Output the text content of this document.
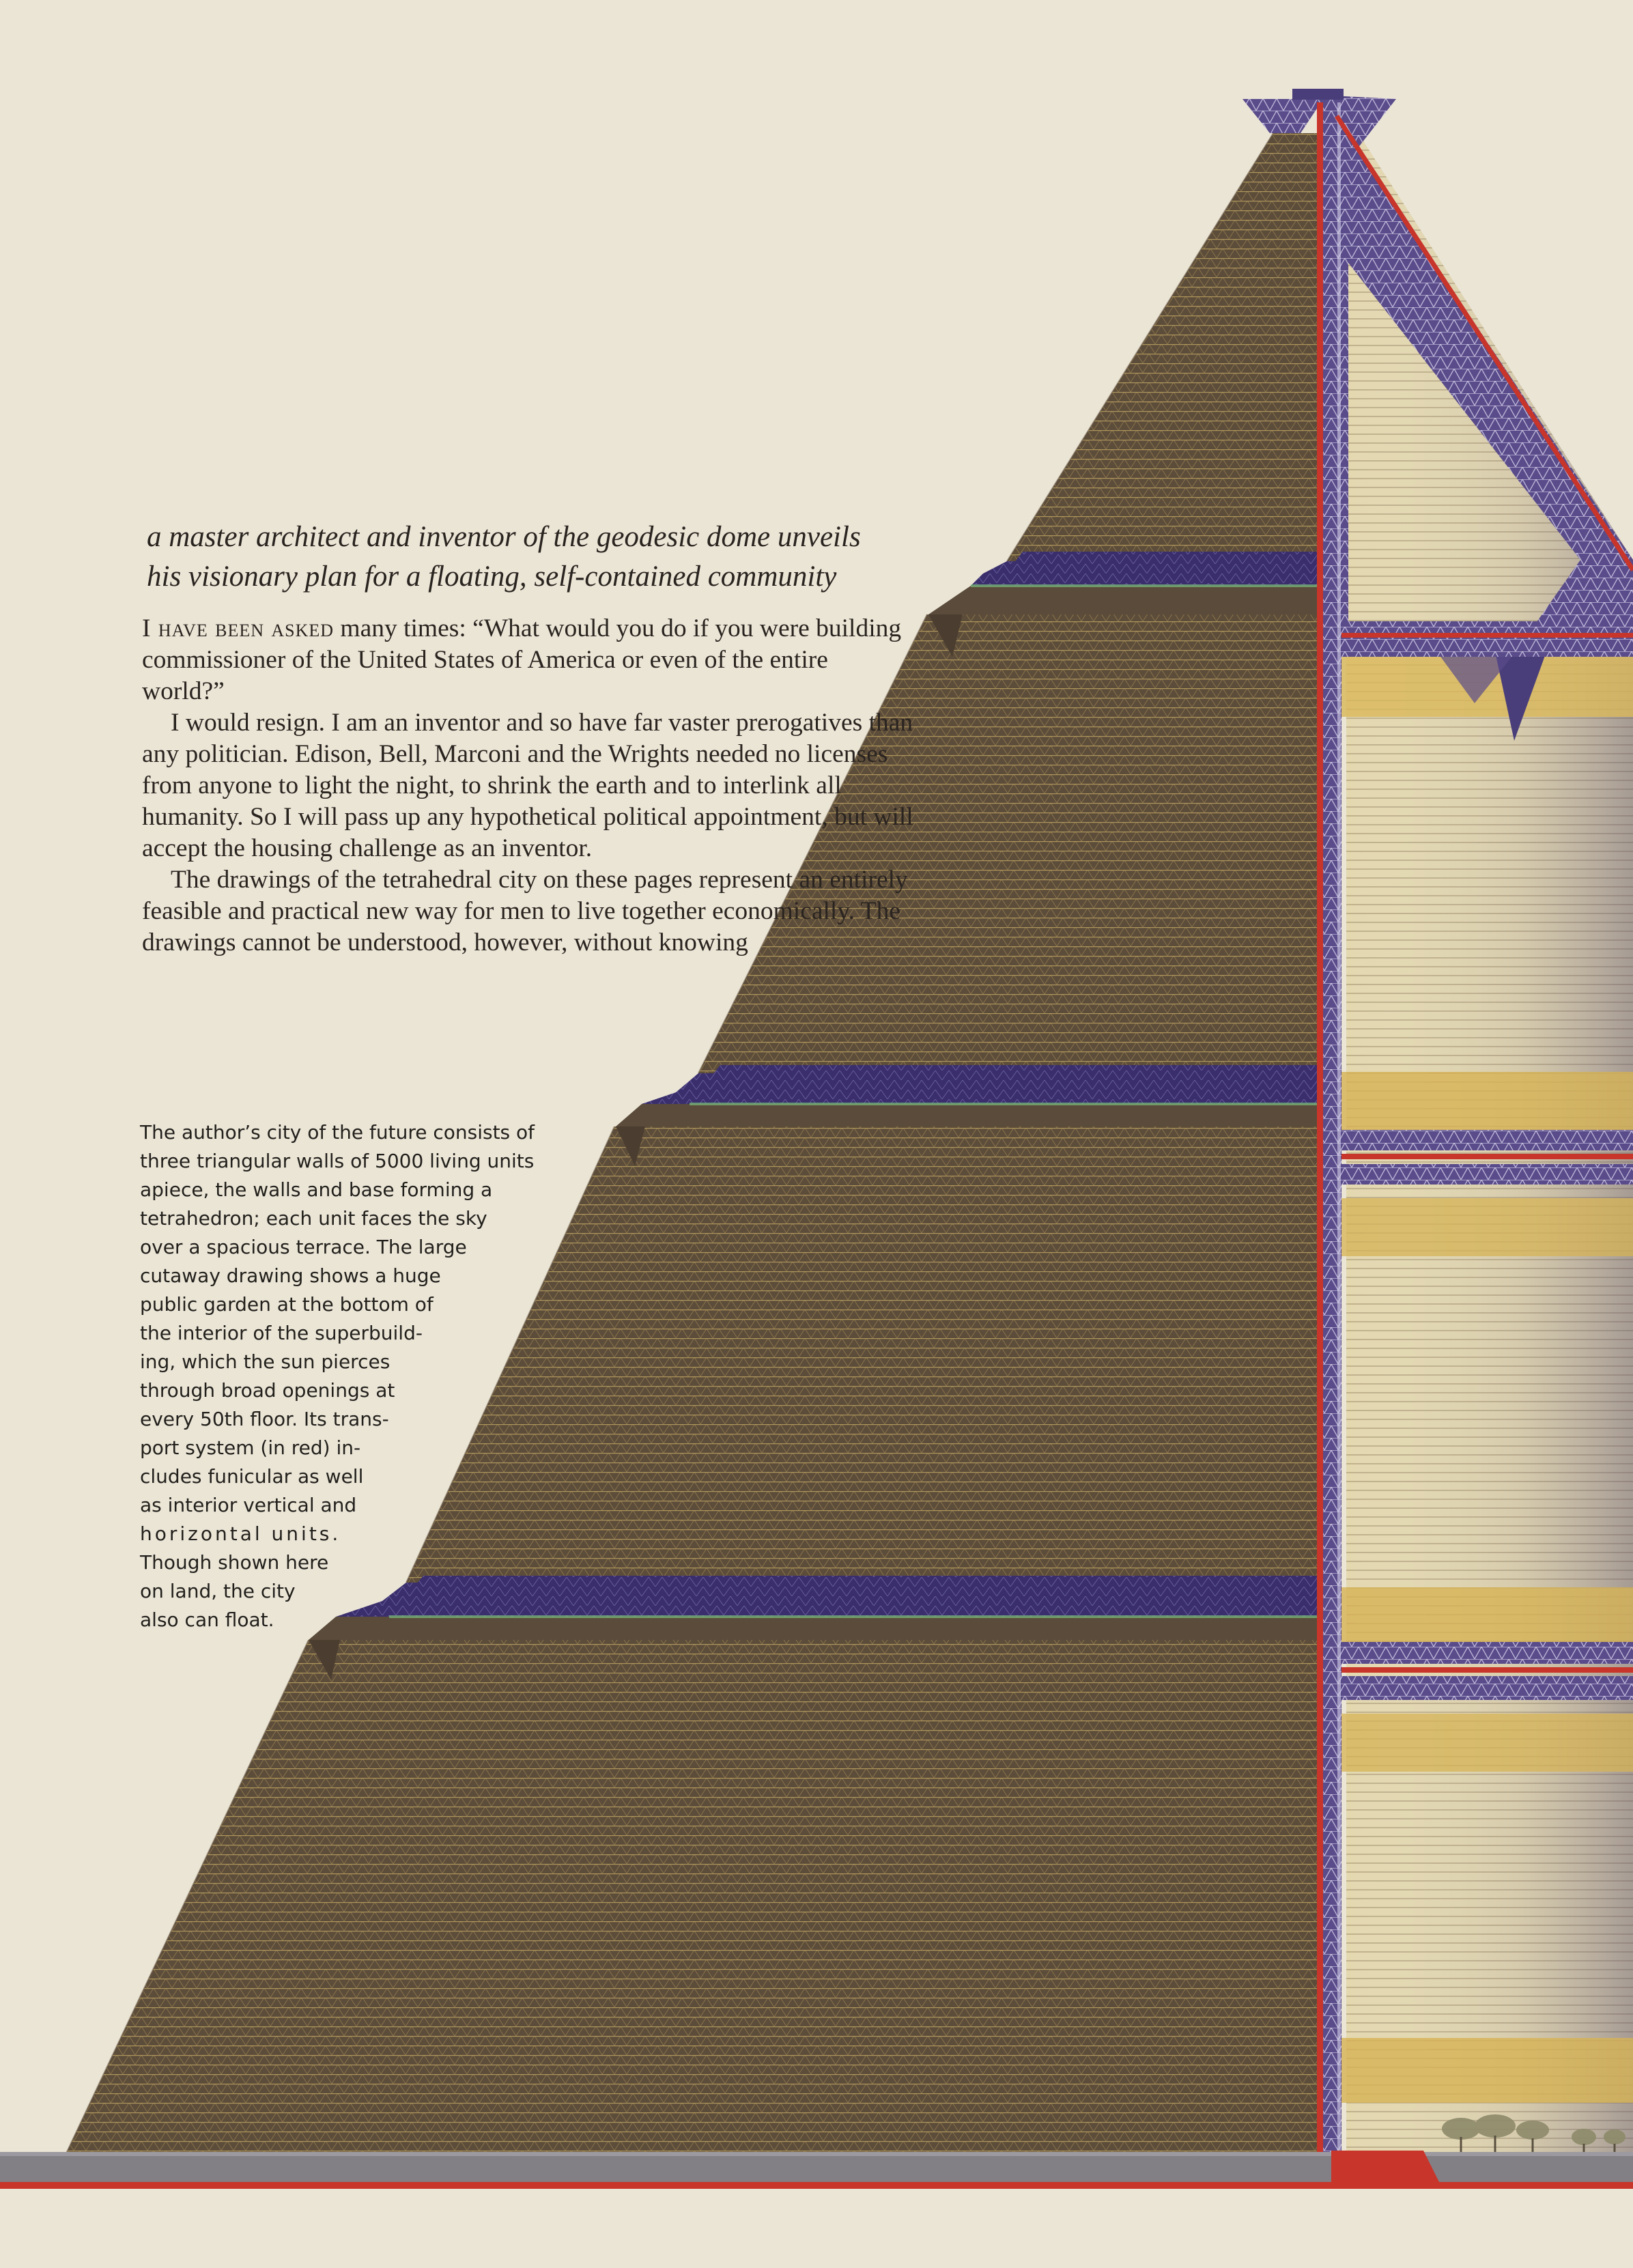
a master architect and inventor of the geodesic dome unveils
his visionary plan for a floating, self-contained community

I have been asked many times: “What would you do if you were building commissioner of the United States of America or even of the entire world?”

I would resign. I am an inventor and so have far vaster prerogatives than any politician. Edison, Bell, Marconi and the Wrights needed no licenses from anyone to light the night, to shrink the earth and to interlink all humanity. So I will pass up any hypothetical political appointment, but will accept the housing challenge as an inventor.

The drawings of the tetrahedral city on these pages represent an entirely feasible and practical new way for men to live together economically. The drawings cannot be understood, however, without knowing

The author’s city of the future consists of
three triangular walls of 5000 living units
apiece, the walls and base forming a
tetrahedron; each unit faces the sky
over a spacious terrace. The large
cutaway drawing shows a huge
public garden at the bottom of
the interior of the superbuild-
ing, which the sun pierces
through broad openings at
every 50th floor. Its trans-
port system (in red) in-
cludes funicular as well
as interior vertical and
horizontal units.
Though shown here
on land, the city
also can float.
